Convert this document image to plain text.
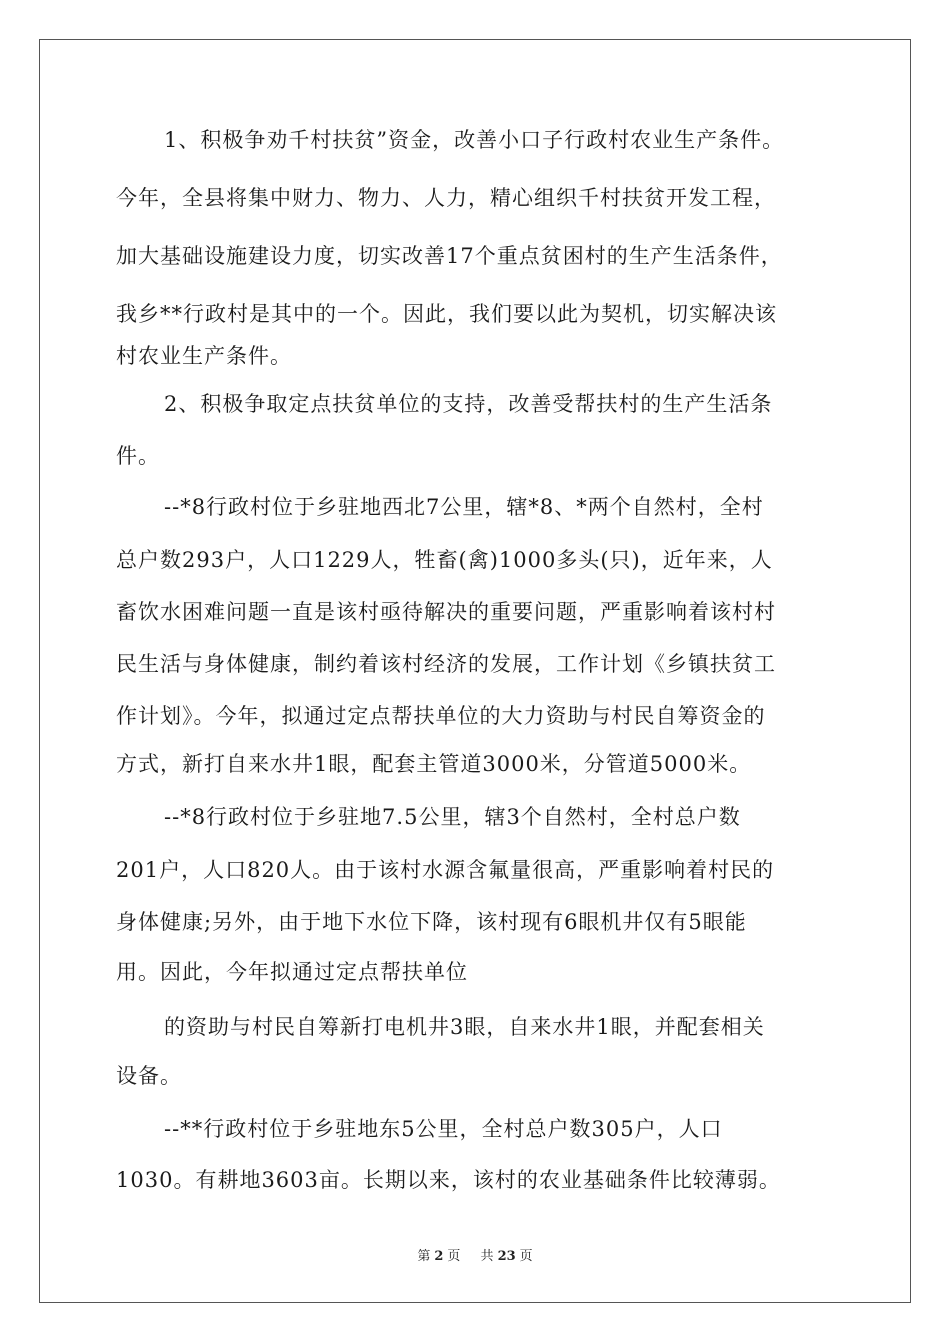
1、积极争劝千村扶贫”资金，改善小口子行政村农业生产条件。
今年，全县将集中财力、物力、人力，精心组织千村扶贫开发工程，
加大基础设施建设力度，切实改善17个重点贫困村的生产生活条件，
我乡**行政村是其中的一个。因此，我们要以此为契机，切实解决该
村农业生产条件。
2、积极争取定点扶贫单位的支持，改善受帮扶村的生产生活条
件。
--*8行政村位于乡驻地西北7公里，辖*8、*两个自然村，全村
总户数293户，人口1229人，牲畜(禽)1000多头(只)，近年来，人
畜饮水困难问题一直是该村亟待解决的重要问题，严重影响着该村村
民生活与身体健康，制约着该村经济的发展，工作计划《乡镇扶贫工
作计划》。今年，拟通过定点帮扶单位的大力资助与村民自筹资金的
方式，新打自来水井1眼，配套主管道3000米，分管道5000米。
--*8行政村位于乡驻地7.5公里，辖3个自然村，全村总户数
201户，人口820人。由于该村水源含氟量很高，严重影响着村民的
身体健康;另外，由于地下水位下降，该村现有6眼机井仅有5眼能
用。因此，今年拟通过定点帮扶单位
的资助与村民自筹新打电机井3眼，自来水井1眼，并配套相关
设备。
--**行政村位于乡驻地东5公里，全村总户数305户，人口
1030。有耕地3603亩。长期以来，该村的农业基础条件比较薄弱。
第 2 页 共 23 页
